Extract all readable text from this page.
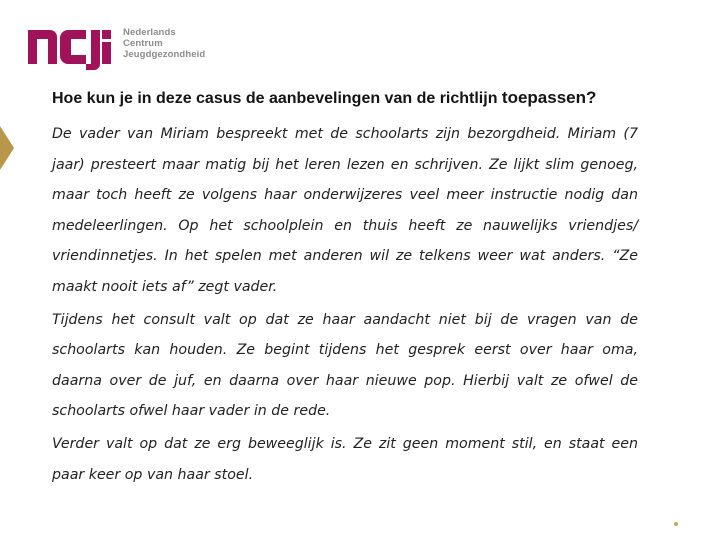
Nederlands
Centrum
Jeugdgezondheid
Hoe kun je in deze casus de aanbevelingen van de richtlijn toepassen?

De vader van Miriam bespreekt met de schoolarts zijn bezorgdheid. Miriam (7 jaar) presteert maar matig bij het leren lezen en schrijven. Ze lijkt slim genoeg, maar toch heeft ze volgens haar onderwijzeres veel meer instructie nodig dan medeleerlingen. Op het schoolplein en thuis heeft ze nauwelijks vriendjes/ vriendinnetjes. In het spelen met anderen wil ze telkens weer wat anders. “Ze maakt nooit iets af” zegt vader.

Tijdens het consult valt op dat ze haar aandacht niet bij de vragen van de schoolarts kan houden. Ze begint tijdens het gesprek eerst over haar oma, daarna over de juf, en daarna over haar nieuwe pop. Hierbij valt ze ofwel de schoolarts ofwel haar vader in de rede.

Verder valt op dat ze erg beweeglijk is. Ze zit geen moment stil, en staat een paar keer op van haar stoel.
